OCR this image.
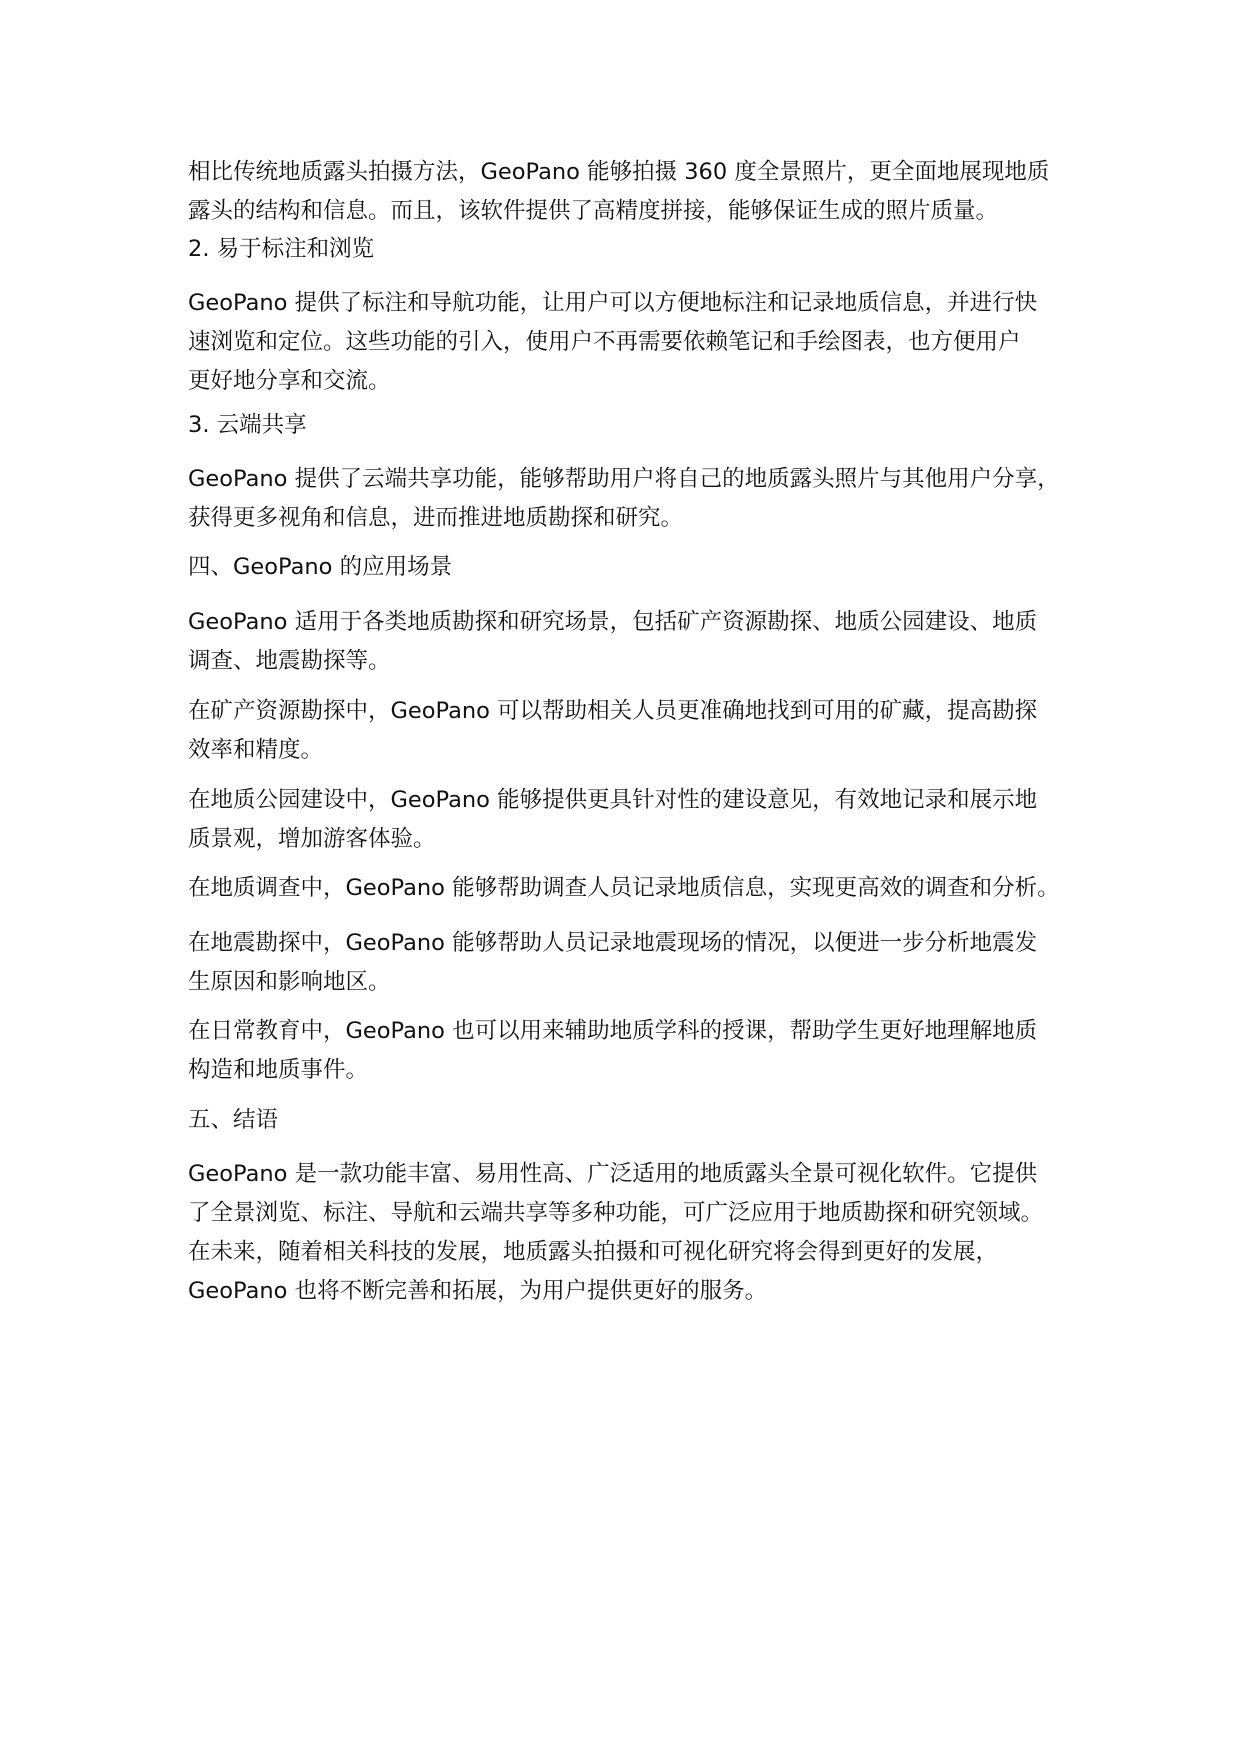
相比传统地质露头拍摄方法，GeoPano 能够拍摄 360 度全景照片，更全面地展现地质
露头的结构和信息。而且，该软件提供了高精度拼接，能够保证生成的照片质量。

2. 易于标注和浏览

GeoPano 提供了标注和导航功能，让用户可以方便地标注和记录地质信息，并进行快
速浏览和定位。这些功能的引入，使用户不再需要依赖笔记和手绘图表，也方便用户
更好地分享和交流。

3. 云端共享

GeoPano 提供了云端共享功能，能够帮助用户将自己的地质露头照片与其他用户分享，
获得更多视角和信息，进而推进地质勘探和研究。

四、GeoPano 的应用场景

GeoPano 适用于各类地质勘探和研究场景，包括矿产资源勘探、地质公园建设、地质
调查、地震勘探等。

在矿产资源勘探中，GeoPano 可以帮助相关人员更准确地找到可用的矿藏，提高勘探
效率和精度。

在地质公园建设中，GeoPano 能够提供更具针对性的建设意见，有效地记录和展示地
质景观，增加游客体验。

在地质调查中，GeoPano 能够帮助调查人员记录地质信息，实现更高效的调查和分析。

在地震勘探中，GeoPano 能够帮助人员记录地震现场的情况，以便进一步分析地震发
生原因和影响地区。

在日常教育中，GeoPano 也可以用来辅助地质学科的授课，帮助学生更好地理解地质
构造和地质事件。

五、结语

GeoPano 是一款功能丰富、易用性高、广泛适用的地质露头全景可视化软件。它提供
了全景浏览、标注、导航和云端共享等多种功能，可广泛应用于地质勘探和研究领域。
在未来，随着相关科技的发展，地质露头拍摄和可视化研究将会得到更好的发展，
GeoPano 也将不断完善和拓展，为用户提供更好的服务。
